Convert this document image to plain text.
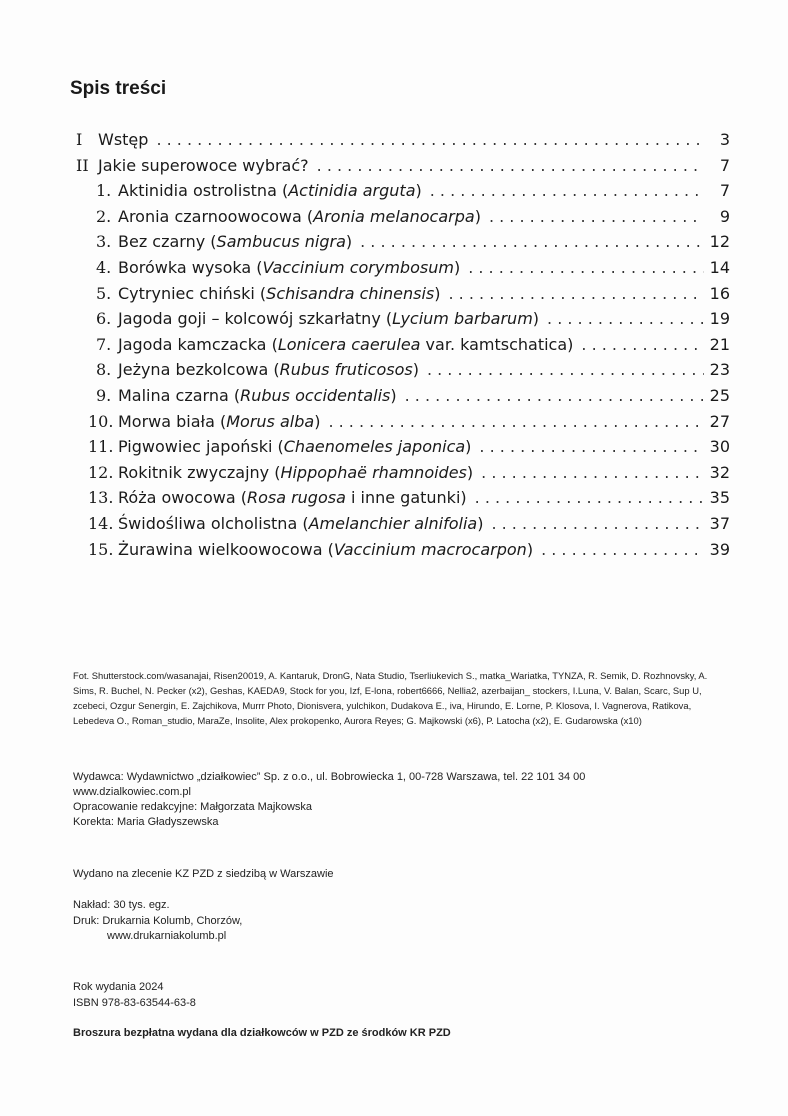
Spis treści
I Wstęp . . .	3
II Jakie superowoce wybrać? . . .	7
1. Aktinidia ostrolistna (Actinidia arguta) . . .	7
2. Aronia czarnoowocowa (Aronia melanocarpa) . . .	9
3. Bez czarny (Sambucus nigra) . . .	12
4. Borówka wysoka (Vaccinium corymbosum) . . .	14
5. Cytryniec chiński (Schisandra chinensis) . . .	16
6. Jagoda goji – kolcowój szkarłatny (Lycium barbarum) . . .	19
7. Jagoda kamczacka (Lonicera caerulea var. kamtschatica) . . .	21
8. Jeżyna bezkolcowa (Rubus fruticosos) . . .	23
9. Malina czarna (Rubus occidentalis) . . .	25
10. Morwa biała (Morus alba) . . .	27
11. Pigwowiec japoński (Chaenomeles japonica) . . .	30
12. Rokitnik zwyczajny (Hippophaë rhamnoides) . . .	32
13. Róża owocowa (Rosa rugosa i inne gatunki) . . .	35
14. Świdośliwa olcholistna (Amelanchier alnifolia) . . .	37
15. Żurawina wielkoowocowa (Vaccinium macrocarpon) . . .	39
Fot. Shutterstock.com/wasanajai, Risen20019, A. Kantaruk, DronG, Nata Studio, Tserliukevich S., matka_Wariatka, TYNZA, R. Semik, D. Rozhnovsky, A. Sims, R. Buchel, N. Pecker (x2), Geshas, KAEDA9, Stock for you, Izf, E-lona, robert6666, Nellia2, azerbaijan_ stockers, I.Luna, V. Balan, Scarc, Sup U, zcebeci, Ozgur Senergin, E. Zajchikova, Murrr Photo, Dionisvera, yulchikon, Dudakova E., iva, Hirundo, E. Lorne, P. Klosova, I. Vagnerova, Ratikova, Lebedeva O., Roman_studio, MaraZe, Insolite, Alex prokopenko, Aurora Reyes; G. Majkowski (x6), P. Latocha (x2), E. Gudarowska (x10)
Wydawca: Wydawnictwo „działkowiec” Sp. z o.o., ul. Bobrowiecka 1, 00-728 Warszawa, tel. 22 101 34 00
www.dzialkowiec.com.pl
Opracowanie redakcyjne: Małgorzata Majkowska
Korekta: Maria Gładyszewska
Wydano na zlecenie KZ PZD z siedzibą w Warszawie
Nakład: 30 tys. egz.
Druk: Drukarnia Kolumb, Chorzów,
www.drukarniakolumb.pl
Rok wydania 2024
ISBN 978-83-63544-63-8
Broszura bezpłatna wydana dla działkowców w PZD ze środków KR PZD
